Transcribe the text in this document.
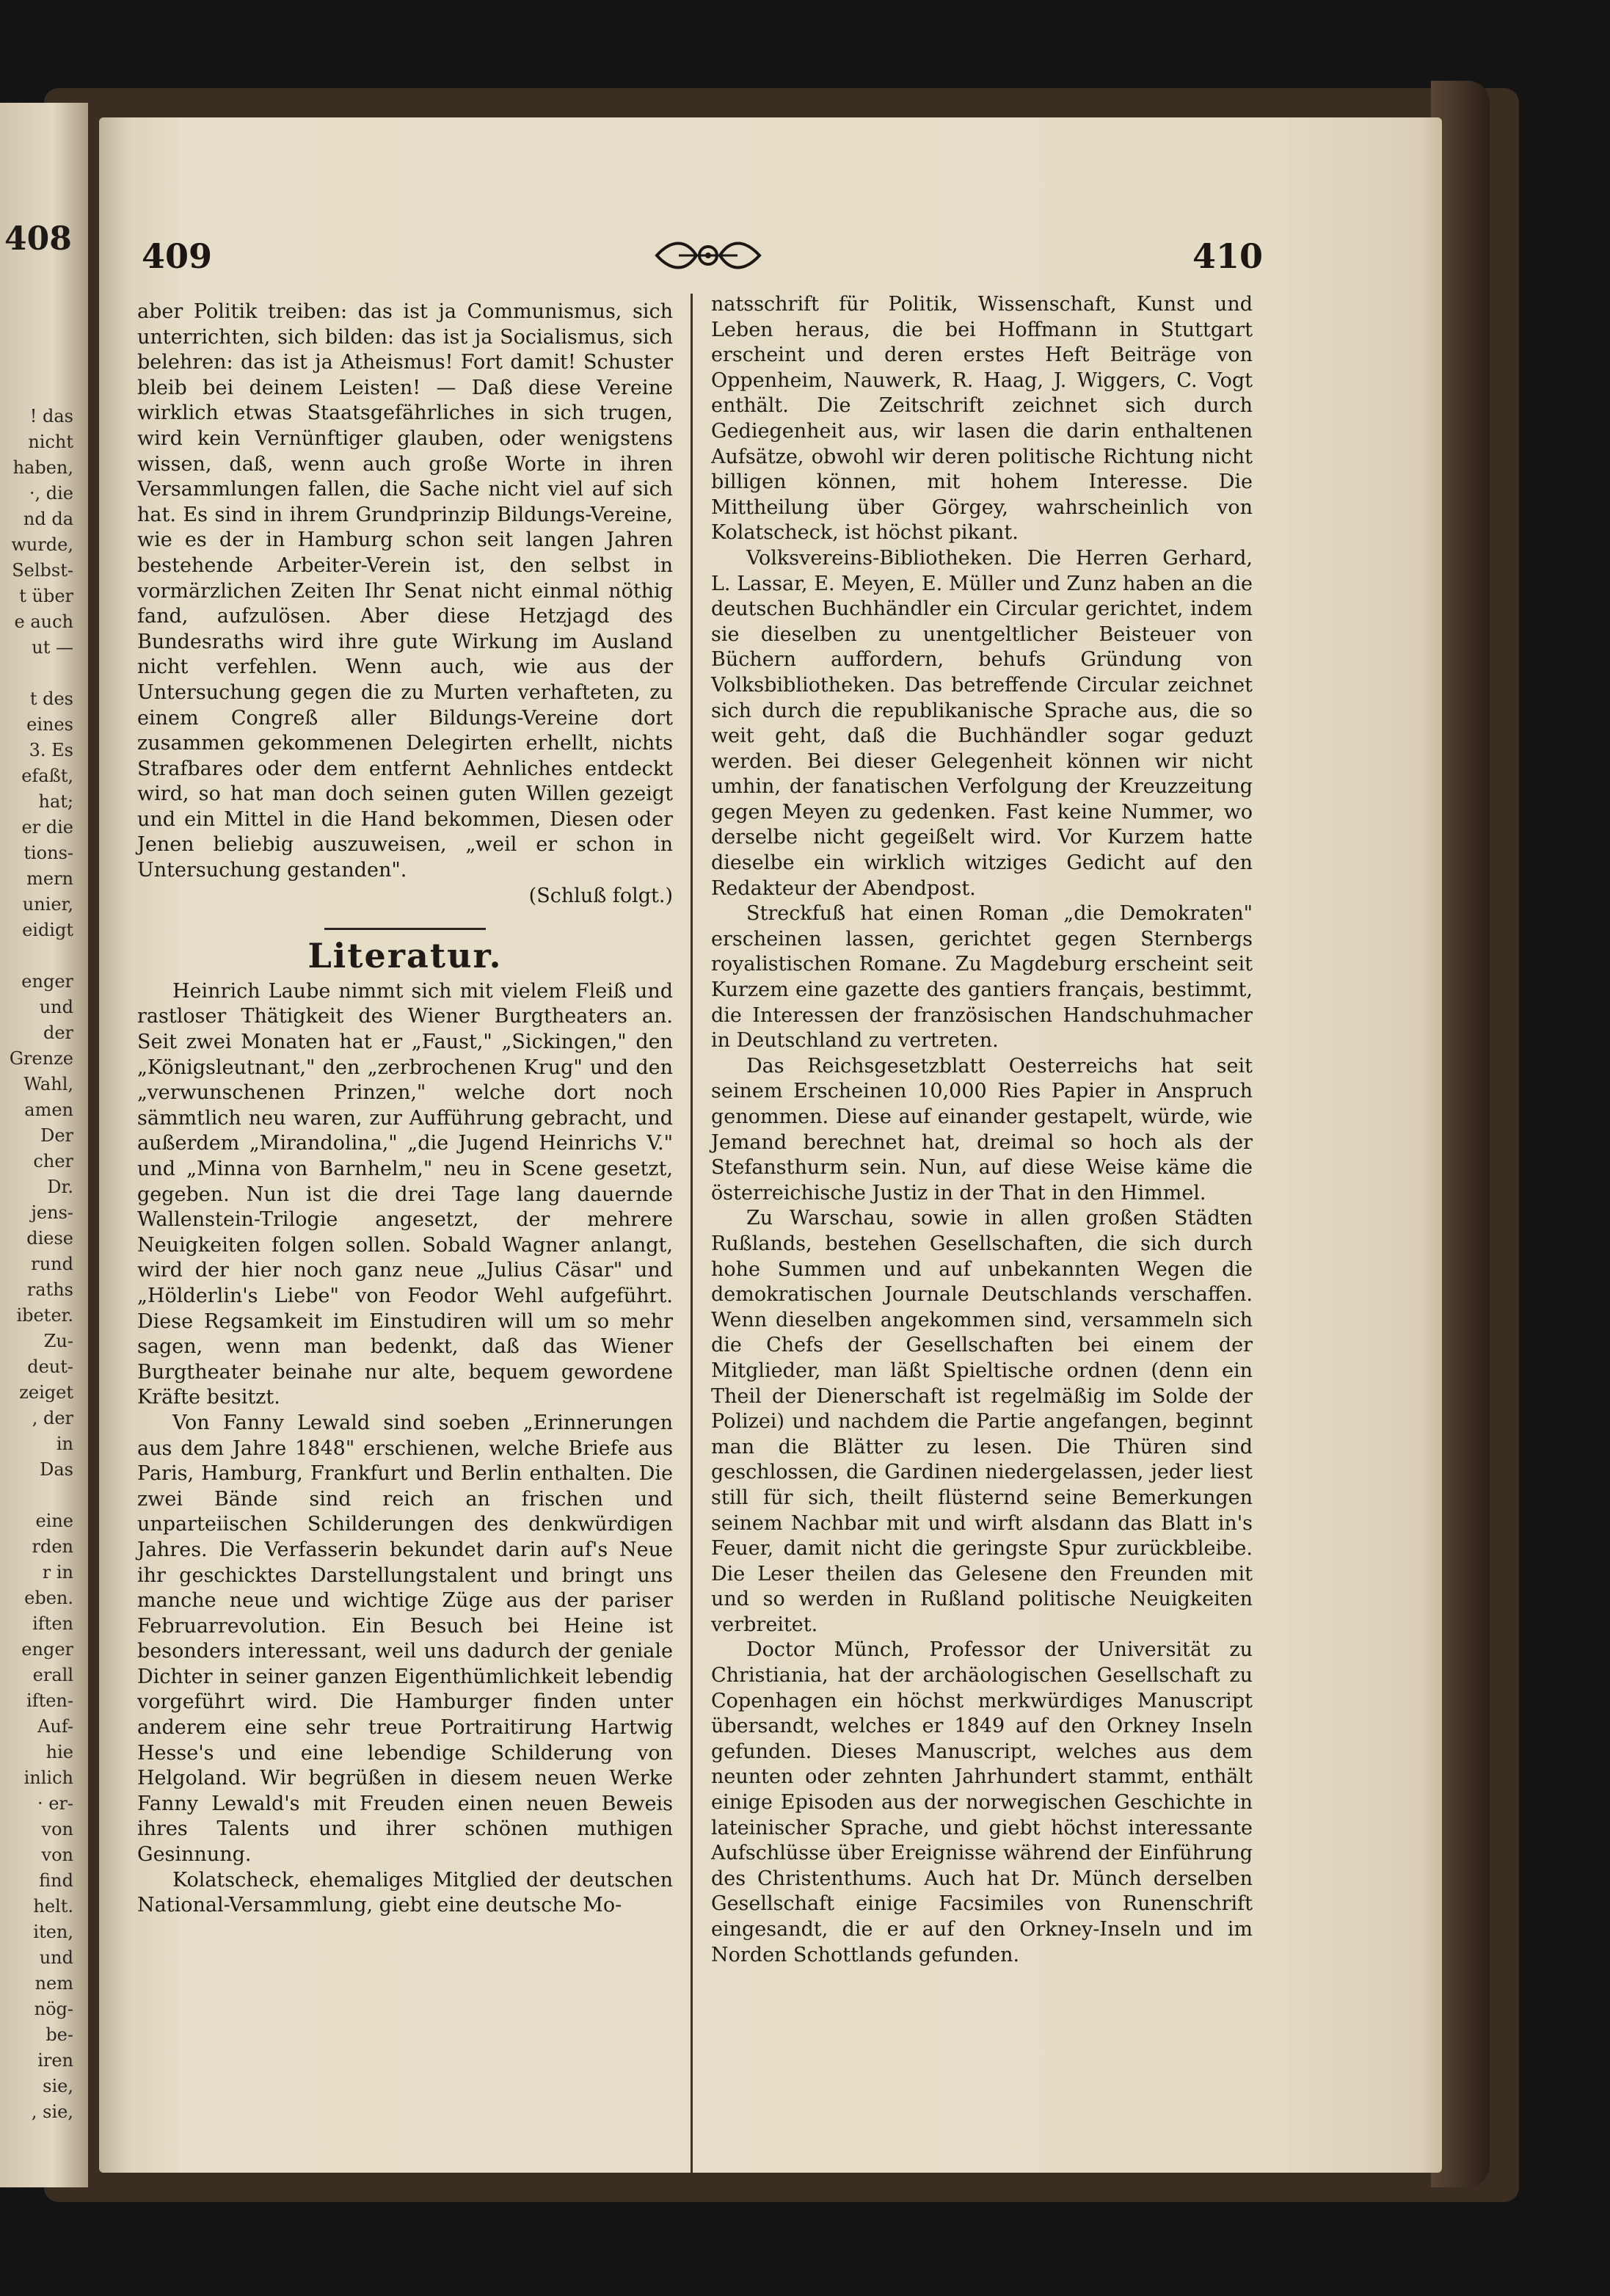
408
! das
nicht
haben,
·, die
nd da
wurde,
Selbst-
t über
e auch
ut —

t des
eines
3. Es
efaßt,
hat;
er die
tions-
mern
unier,
eidigt

enger
und
der
Grenze
Wahl,
amen
Der
cher
Dr.
jens-
diese
rund
raths
ibeter.
Zu-
deut-
zeiget
, der
in
Das

eine
rden
r in
eben.
iften
enger
erall
iften-
Auf-
hie
inlich
· er-
von
von
find
helt.
iten,
und
nem
nög-
be-
iren
sie,
, sie,
409	410

aber Politik treiben: das ist ja Communismus, sich unterrichten, sich bilden: das ist ja Socialismus, sich belehren: das ist ja Atheismus! Fort damit! Schuster bleib bei deinem Leisten! — Daß diese Vereine wirklich etwas Staatsgefährliches in sich trugen, wird kein Vernünftiger glauben, oder wenigstens wissen, daß, wenn auch große Worte in ihren Versammlungen fallen, die Sache nicht viel auf sich hat. Es sind in ihrem Grundprinzip Bildungs-Vereine, wie es der in Hamburg schon seit langen Jahren bestehende Arbeiter-Verein ist, den selbst in vormärzlichen Zeiten Ihr Senat nicht einmal nöthig fand, aufzulösen. Aber diese Hetzjagd des Bundesraths wird ihre gute Wirkung im Ausland nicht verfehlen. Wenn auch, wie aus der Untersuchung gegen die zu Murten verhafteten, zu einem Congreß aller Bildungs-Vereine dort zusammen gekommenen Delegirten erhellt, nichts Strafbares oder dem entfernt Aehnliches entdeckt wird, so hat man doch seinen guten Willen gezeigt und ein Mittel in die Hand bekommen, Diesen oder Jenen beliebig auszuweisen, „weil er schon in Untersuchung gestanden".

(Schluß folgt.)
Literatur.

Heinrich Laube nimmt sich mit vielem Fleiß und rastloser Thätigkeit des Wiener Burgtheaters an. Seit zwei Monaten hat er „Faust," „Sickingen," den „Königsleutnant," den „zerbrochenen Krug" und den „verwunschenen Prinzen," welche dort noch sämmtlich neu waren, zur Aufführung gebracht, und außerdem „Mirandolina," „die Jugend Heinrichs V." und „Minna von Barnhelm," neu in Scene gesetzt, gegeben. Nun ist die drei Tage lang dauernde Wallenstein-Trilogie angesetzt, der mehrere Neuigkeiten folgen sollen. Sobald Wagner anlangt, wird der hier noch ganz neue „Julius Cäsar" und „Hölderlin's Liebe" von Feodor Wehl aufgeführt. Diese Regsamkeit im Einstudiren will um so mehr sagen, wenn man bedenkt, daß das Wiener Burgtheater beinahe nur alte, bequem gewordene Kräfte besitzt.

Von Fanny Lewald sind soeben „Erinnerungen aus dem Jahre 1848" erschienen, welche Briefe aus Paris, Hamburg, Frankfurt und Berlin enthalten. Die zwei Bände sind reich an frischen und unparteiischen Schilderungen des denkwürdigen Jahres. Die Verfasserin bekundet darin auf's Neue ihr geschicktes Darstellungstalent und bringt uns manche neue und wichtige Züge aus der pariser Februarrevolution. Ein Besuch bei Heine ist besonders interessant, weil uns dadurch der geniale Dichter in seiner ganzen Eigenthümlichkeit lebendig vorgeführt wird. Die Hamburger finden unter anderem eine sehr treue Portraitirung Hartwig Hesse's und eine lebendige Schilderung von Helgoland. Wir begrüßen in diesem neuen Werke Fanny Lewald's mit Freuden einen neuen Beweis ihres Talents und ihrer schönen muthigen Gesinnung.

Kolatscheck, ehemaliges Mitglied der deutschen National-Versammlung, giebt eine deutsche Mo-

natsschrift für Politik, Wissenschaft, Kunst und Leben heraus, die bei Hoffmann in Stuttgart erscheint und deren erstes Heft Beiträge von Oppenheim, Nauwerk, R. Haag, J. Wiggers, C. Vogt enthält. Die Zeitschrift zeichnet sich durch Gediegenheit aus, wir lasen die darin enthaltenen Aufsätze, obwohl wir deren politische Richtung nicht billigen können, mit hohem Interesse. Die Mittheilung über Görgey, wahrscheinlich von Kolatscheck, ist höchst pikant.

Volksvereins-Bibliotheken. Die Herren Gerhard, L. Lassar, E. Meyen, E. Müller und Zunz haben an die deutschen Buchhändler ein Circular gerichtet, indem sie dieselben zu unentgeltlicher Beisteuer von Büchern auffordern, behufs Gründung von Volksbibliotheken. Das betreffende Circular zeichnet sich durch die republikanische Sprache aus, die so weit geht, daß die Buchhändler sogar geduzt werden. Bei dieser Gelegenheit können wir nicht umhin, der fanatischen Verfolgung der Kreuzzeitung gegen Meyen zu gedenken. Fast keine Nummer, wo derselbe nicht gegeißelt wird. Vor Kurzem hatte dieselbe ein wirklich witziges Gedicht auf den Redakteur der Abendpost.

Streckfuß hat einen Roman „die Demokraten" erscheinen lassen, gerichtet gegen Sternbergs royalistischen Romane. Zu Magdeburg erscheint seit Kurzem eine gazette des gantiers français, bestimmt, die Interessen der französischen Handschuhmacher in Deutschland zu vertreten.

Das Reichsgesetzblatt Oesterreichs hat seit seinem Erscheinen 10,000 Ries Papier in Anspruch genommen. Diese auf einander gestapelt, würde, wie Jemand berechnet hat, dreimal so hoch als der Stefansthurm sein. Nun, auf diese Weise käme die österreichische Justiz in der That in den Himmel.

Zu Warschau, sowie in allen großen Städten Rußlands, bestehen Gesellschaften, die sich durch hohe Summen und auf unbekannten Wegen die demokratischen Journale Deutschlands verschaffen. Wenn dieselben angekommen sind, versammeln sich die Chefs der Gesellschaften bei einem der Mitglieder, man läßt Spieltische ordnen (denn ein Theil der Dienerschaft ist regelmäßig im Solde der Polizei) und nachdem die Partie angefangen, beginnt man die Blätter zu lesen. Die Thüren sind geschlossen, die Gardinen niedergelassen, jeder liest still für sich, theilt flüsternd seine Bemerkungen seinem Nachbar mit und wirft alsdann das Blatt in's Feuer, damit nicht die geringste Spur zurückbleibe. Die Leser theilen das Gelesene den Freunden mit und so werden in Rußland politische Neuigkeiten verbreitet.

Doctor Münch, Professor der Universität zu Christiania, hat der archäologischen Gesellschaft zu Copenhagen ein höchst merkwürdiges Manuscript übersandt, welches er 1849 auf den Orkney Inseln gefunden. Dieses Manuscript, welches aus dem neunten oder zehnten Jahrhundert stammt, enthält einige Episoden aus der norwegischen Geschichte in lateinischer Sprache, und giebt höchst interessante Aufschlüsse über Ereignisse während der Einführung des Christenthums. Auch hat Dr. Münch derselben Gesellschaft einige Facsimiles von Runenschrift eingesandt, die er auf den Orkney-Inseln und im Norden Schottlands gefunden.
